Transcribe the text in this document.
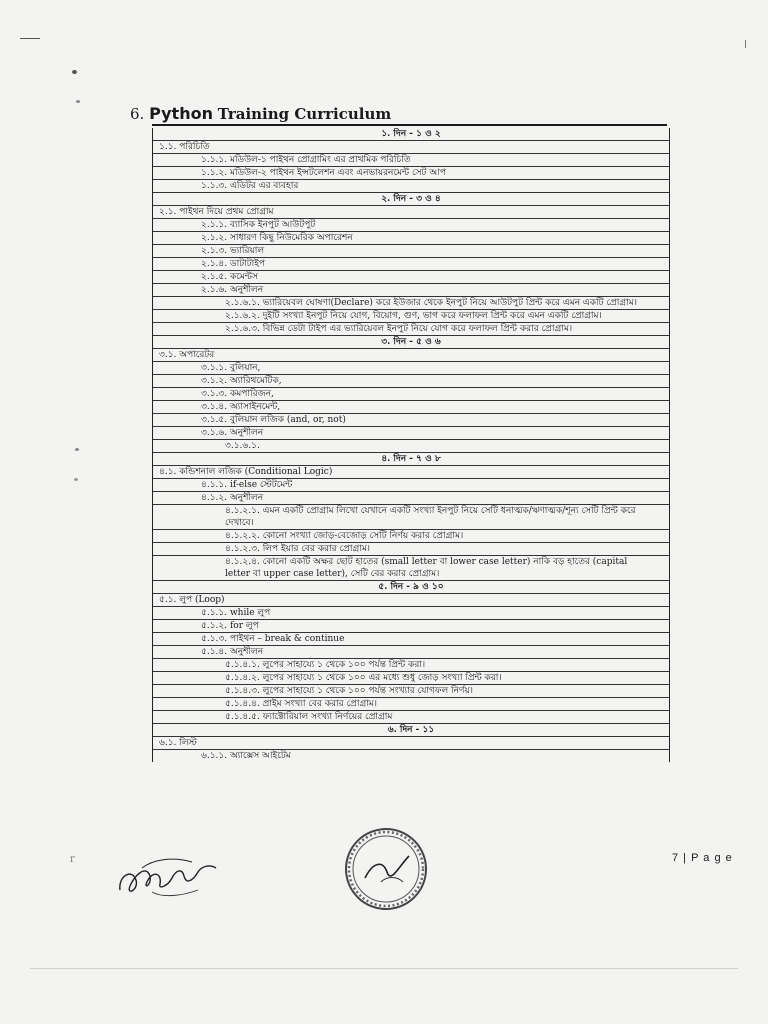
6. Python Training Curriculum
১. দিন - ১ ও ২
১.১. পরিচিতি
১.১.১. মডিউল-১ পাইথন প্রোগ্রামিং এর প্রাথমিক পরিচিতি
১.১.২. মডিউল-২ পাইথন ইন্সটলেশন এবং এনভায়রনমেন্ট সেট আপ
১.১.৩. এডিটর এর ব্যবহার
২. দিন - ৩ ও ৪
২.১. পাইথন দিয়ে প্রথম প্রোগ্রাম
২.১.১. ব্যাসিক ইনপুট আউটপুট
২.১.২. সাধারণ কিছু নিউমেরিক অপারেশন
২.১.৩. ভ্যারিয়াল
২.১.৪. ডাটাটাইপ
২.১.৫. কমেন্টস
২.১.৬. অনুশীলন
২.১.৬.১. ভ্যারিয়েবল ঘোষণা(Declare) করে ইউজার থেকে ইনপুট নিয়ে আউটপুট প্রিন্ট করে এমন একটি প্রোগ্রাম।
২.১.৬.২. দুইটি সংখ্যা ইনপুট নিয়ে যোগ, বিয়োগ, গুণ, ভাগ করে ফলাফল প্রিন্ট করে এমন একটি প্রোগ্রাম।
২.১.৬.৩. বিভিন্ন ডেটা টাইপ এর ভ্যারিয়েবল ইনপুট নিয়ে যোগ করে ফলাফল প্রিন্ট করার প্রোগ্রাম।
৩. দিন - ৫ ও ৬
৩.১. অপারেটর
৩.১.১. বুলিয়ান,
৩.১.২. অ্যারিথমেটিক,
৩.১.৩. কমপারিজন,
৩.১.৪. অ্যাসাইনমেন্ট,
৩.১.৫. বুলিয়ান লজিক (and, or, not)
৩.১.৬. অনুশীলন
৩.১.৬.১.
৪. দিন - ৭ ও ৮
৪.১. কন্ডিশনাল লজিক (Conditional Logic)
৪.১.১. if-else স্টেটমেন্ট
৪.১.২. অনুশীলন
৪.১.২.১. এমন একটি প্রোগ্রাম লিখো যেখানে একটি সংখ্যা ইনপুট নিয়ে সেটি ধনাত্মক/ঋণাত্মক/শূন্য সেটি প্রিন্ট করে দেখাবে।
৪.১.২.২. কোনো সংখ্যা জোড়-বেজোড় সেটি নির্ণয় করার প্রোগ্রাম।
৪.১.২.৩. লিপ ইয়ার বের করার প্রোগ্রাম।
৪.১.২.৪. কোনো একটি অক্ষর ছোট হাতের (small letter বা lower case letter) নাকি বড় হাতের (capital letter বা upper case letter), সেটি বের করার প্রোগ্রাম।
৫. দিন - ৯ ও ১০
৫.১. লুপ (Loop)
৫.১.১. while লুপ
৫.১.২. for লুপ
৫.১.৩. পাইথন – break & continue
৫.১.৪. অনুশীলন
৫.১.৪.১. লুপের সাহায্যে ১ থেকে ১০০ পর্যন্ত প্রিন্ট করা।
৫.১.৪.২. লুপের সাহায্যে ১ থেকে ১০০ এর মধ্যে শুধু জোড় সংখ্যা প্রিন্ট করা।
৫.১.৪.৩. লুপের সাহায্যে ১ থেকে ১০০ পর্যন্ত সংখ্যার যোগফল নির্ণয়।
৫.১.৪.৪. প্রাইম সংখ্যা বের করার প্রোগ্রাম।
৫.১.৪.৫. ফ্যাক্টোরিয়াল সংখ্যা নির্ণয়ের প্রোগ্রাম
৬. দিন - ১১
৬.১. লিস্ট
৬.১.১. অ্যাক্সেস আইটেম
7 | P a g e
ᴦ
